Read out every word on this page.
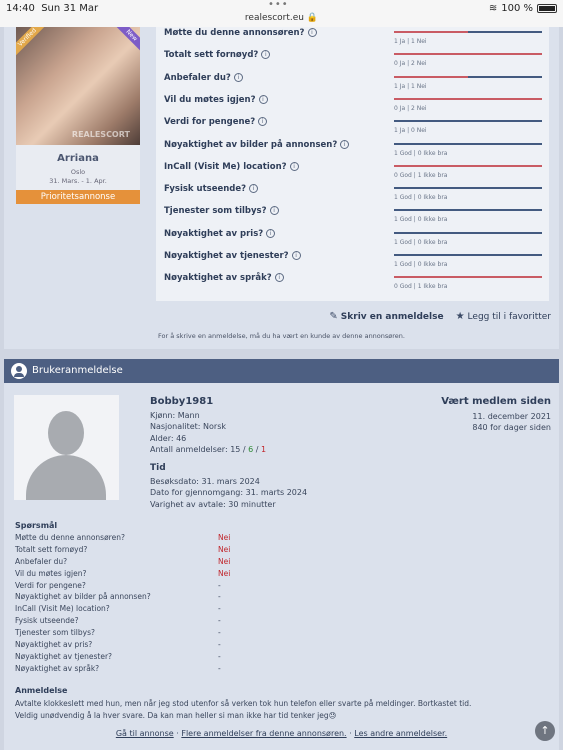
14:40 Sun 31 Mar	•••
realescort.eu 🔒
≋ 100 %
Verified	New
REALESCORT
Arriana
Oslo
31. Mars. - 1. Apr.
Prioritetsannonse
Møtte du denne annonsøren? i
1 Ja | 1 Nei
Totalt sett fornøyd? i
0 Ja | 2 Nei
Anbefaler du? i
1 Ja | 1 Nei
Vil du møtes igjen? i
0 Ja | 2 Nei
Verdi for pengene? i
1 Ja | 0 Nei
Nøyaktighet av bilder på annonsen? i
1 God | 0 Ikke bra
InCall (Visit Me) location? i
0 God | 1 Ikke bra
Fysisk utseende? i
1 God | 0 Ikke bra
Tjenester som tilbys? i
1 God | 0 Ikke bra
Nøyaktighet av pris? i
1 God | 0 Ikke bra
Nøyaktighet av tjenester? i
1 God | 0 Ikke bra
Nøyaktighet av språk? i
0 God | 1 Ikke bra
✎ Skriv en anmeldelse ★ Legg til i favoritter
For å skrive en anmeldelse, må du ha vært en kunde av denne annonsøren.
Brukeranmeldelse
Bobby1981
Kjønn: Mann
Nasjonalitet: Norsk
Alder: 46
Antall anmeldelser: 15 / 6 / 1
Tid
Besøksdato: 31. mars 2024
Dato for gjennomgang: 31. marts 2024
Varighet av avtale: 30 minutter
Vært medlem siden
11. december 2021
840 for dager siden
Spørsmål
Møtte du denne annonsøren?	Nei
Totalt sett fornøyd?	Nei
Anbefaler du?	Nei
Vil du møtes igjen?	Nei
Verdi for pengene?	-
Nøyaktighet av bilder på annonsen?	-
InCall (Visit Me) location?	-
Fysisk utseende?	-
Tjenester som tilbys?	-
Nøyaktighet av pris?	-
Nøyaktighet av tjenester?	-
Nøyaktighet av språk?	-
Anmeldelse
Avtalte klokkeslett med hun, men når jeg stod utenfor så verken tok hun telefon eller svarte på meldinger. Bortkastet tid.
Veldig unødvendig å la hver svare. Da kan man heller si man ikke har tid tenker jeg😓
Gå til annonse · Flere anmeldelser fra denne annonsøren. · Les andre anmeldelser.	↑
